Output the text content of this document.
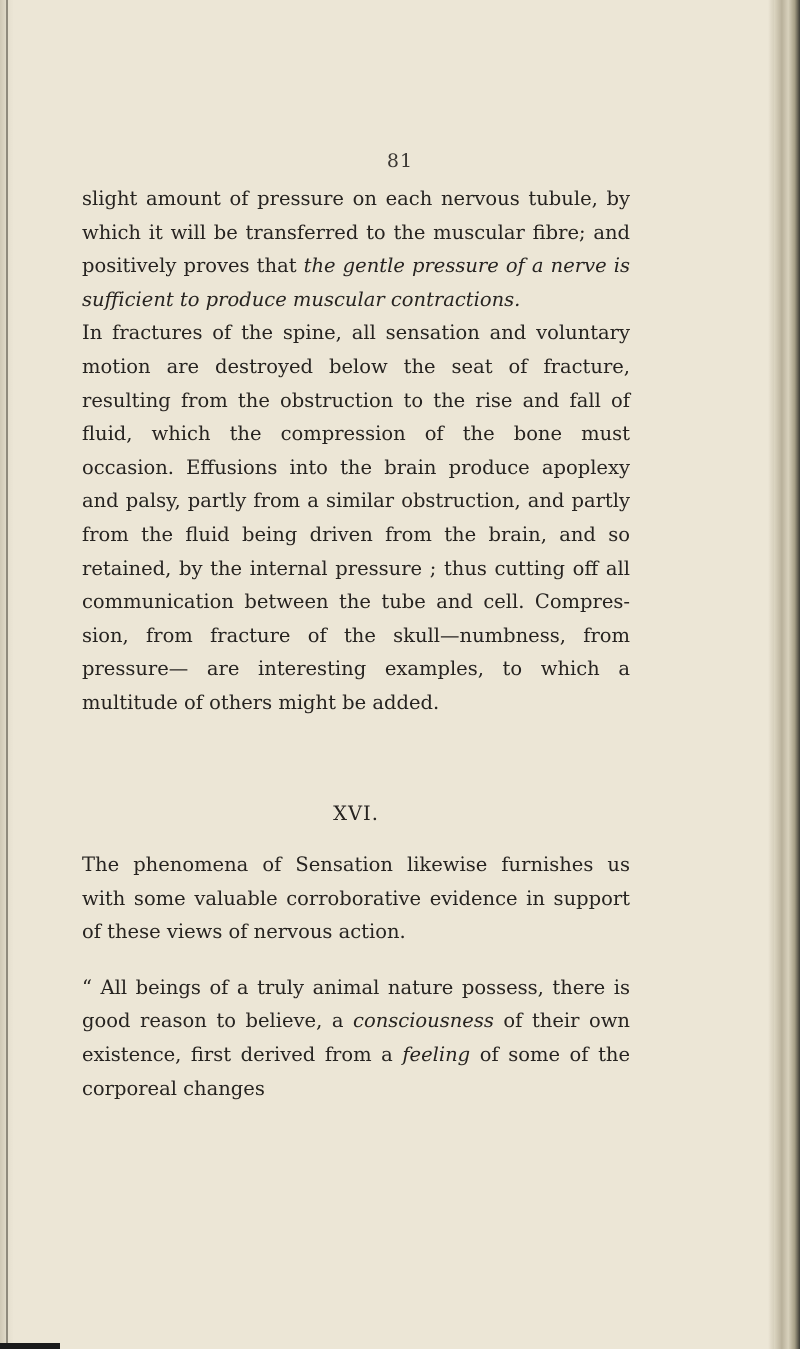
81

slight amount of pressure on each nervous tubule, by which it will be transferred to the muscular fibre; and positively proves that the gentle pressure of a nerve is sufficient to produce muscular contractions.

In fractures of the spine, all sensation and voluntary motion are destroyed below the seat of fracture, resulting from the obstruction to the rise and fall of fluid, which the compression of the bone must occasion. Effusions into the brain produce apoplexy and palsy, partly from a similar obstruction, and partly from the fluid being driven from the brain, and so retained, by the internal pressure ; thus cutting off all communication between the tube and cell. Compres- sion, from fracture of the skull—numbness, from pressure— are interesting examples, to which a multitude of others might be added.

XVI.

The phenomena of Sensation likewise furnishes us with some valuable corroborative evidence in support of these views of nervous action.

“ All beings of a truly animal nature possess, there is good reason to believe, a consciousness of their own existence, first derived from a feeling of some of the corporeal changes
